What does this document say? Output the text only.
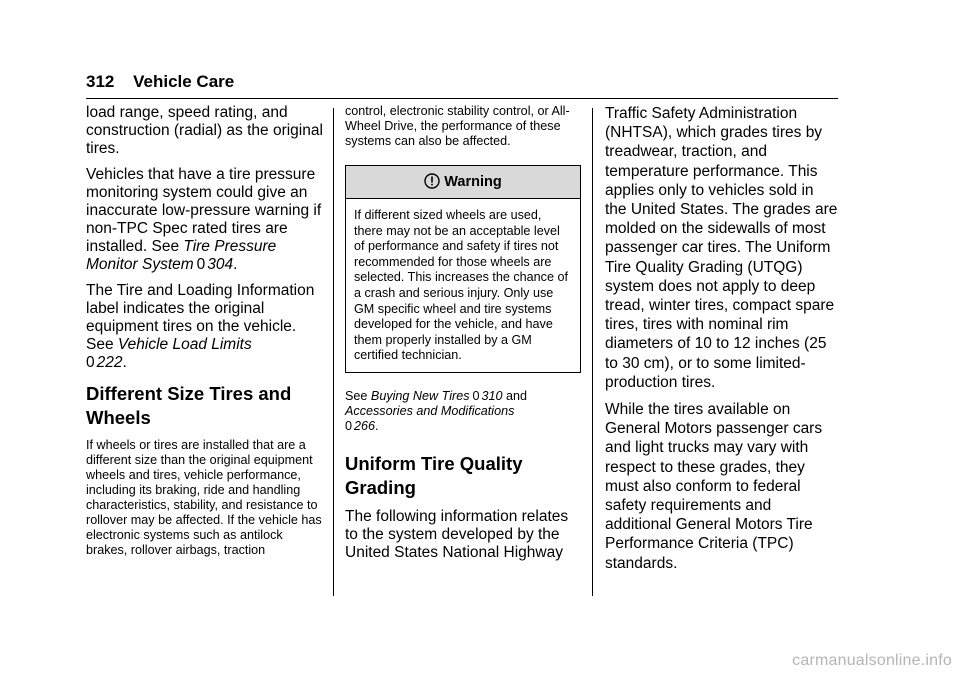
312 Vehicle Care

load range, speed rating, and construction (radial) as the original tires.

Vehicles that have a tire pressure monitoring system could give an inaccurate low-pressure warning if non-TPC Spec rated tires are installed. See Tire Pressure Monitor System 0 304.

The Tire and Loading Information label indicates the original equipment tires on the vehicle. See Vehicle Load Limits
0 222.

Different Size Tires and Wheels

If wheels or tires are installed that are a different size than the original equipment wheels and tires, vehicle performance, including its braking, ride and handling characteristics, stability, and resistance to rollover may be affected. If the vehicle has electronic systems such as antilock brakes, rollover airbags, traction

control, electronic stability control, or All-Wheel Drive, the performance of these systems can also be affected.

Warning
If different sized wheels are used, there may not be an acceptable level of performance and safety if tires not recommended for those wheels are selected. This increases the chance of a crash and serious injury. Only use GM specific wheel and tire systems developed for the vehicle, and have them properly installed by a GM certified technician.

See Buying New Tires 0 310 and
Accessories and Modifications
0 266.

Uniform Tire Quality Grading

The following information relates to the system developed by the United States National Highway

Traffic Safety Administration (NHTSA), which grades tires by treadwear, traction, and temperature performance. This applies only to vehicles sold in the United States. The grades are molded on the sidewalls of most passenger car tires. The Uniform Tire Quality Grading (UTQG) system does not apply to deep tread, winter tires, compact spare tires, tires with nominal rim diameters of 10 to 12 inches (25 to 30 cm), or to some limited-production tires.

While the tires available on General Motors passenger cars and light trucks may vary with respect to these grades, they must also conform to federal safety requirements and additional General Motors Tire Performance Criteria (TPC) standards.

carmanualsonline.info
